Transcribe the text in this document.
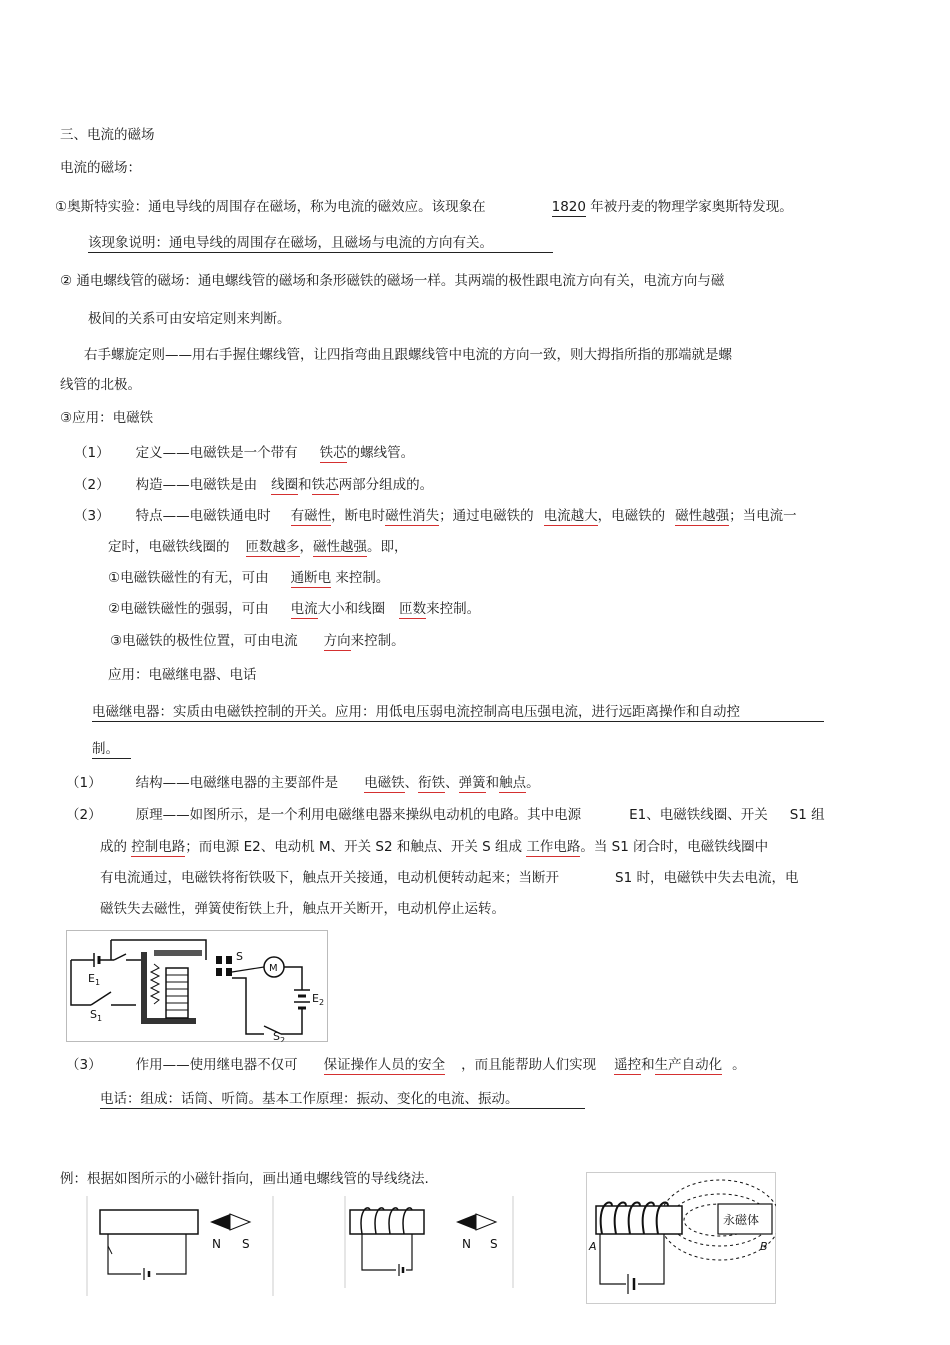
三、电流的磁场
电流的磁场：
①奥斯特实验：通电导线的周围存在磁场，称为电流的磁效应。该现象在	1820 年被丹麦的物理学家奥斯特发现。
该现象说明：通电导线的周围存在磁场，且磁场与电流的方向有关。
② 通电螺线管的磁场：通电螺线管的磁场和条形磁铁的磁场一样。其两端的极性跟电流方向有关，电流方向与磁
极间的关系可由安培定则来判断。
右手螺旋定则——用右手握住螺线管，让四指弯曲且跟螺线管中电流的方向一致，则大拇指所指的那端就是螺
线管的北极。
③应用：电磁铁
（1） 定义——电磁铁是一个带有 铁芯的螺线管。
（2） 构造——电磁铁是由 线圈和铁芯两部分组成的。
（3） 特点——电磁铁通电时 有磁性，断电时磁性消失；通过电磁铁的 电流越大，电磁铁的 磁性越强；当电流一
定时，电磁铁线圈的 匝数越多，磁性越强。即，
①电磁铁磁性的有无，可由 通断电 来控制。
②电磁铁磁性的强弱，可由 电流大小和线圈 匝数来控制。
③电磁铁的极性位置，可由电流 方向来控制。
应用：电磁继电器、电话
电磁继电器：实质由电磁铁控制的开关。应用：用低电压弱电流控制高电压强电流，进行远距离操作和自动控
制。
（1）	结构——电磁继电器的主要部件是 电磁铁、衔铁、弹簧和触点。
（2）	原理——如图所示，是一个利用电磁继电器来操纵电动机的电路。其中电源	E1、电磁铁线圈、开关 S1 组
成的 控制电路；而电源 E2、电动机 M、开关 S2 和触点、开关 S 组成 工作电路。当 S1 闭合时，电磁铁线圈中
有电流通过，电磁铁将衔铁吸下，触点开关接通，电动机便转动起来；当断开	S1 时，电磁铁中失去电流，电
磁铁失去磁性，弹簧使衔铁上升，触点开关断开，电动机停止运转。
S
M
$E_2$
$S_2$
$E_1$
$S_1$
（3）	作用——使用继电器不仅可 保证操作人员的安全 ，而且能帮助人们实现 遥控和生产自动化 。
电话：组成：话筒、听筒。基本工作原理：振动、变化的电流、振动。
例：根据如图所示的小磁针指向，画出通电螺线管的导线绕法.
N S	N S
永磁体
A	B
